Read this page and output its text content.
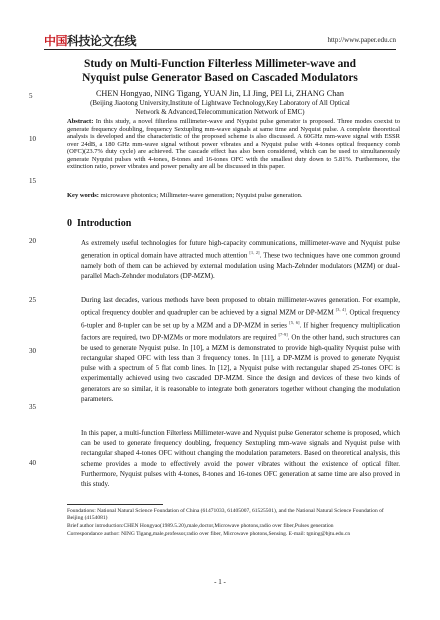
中国科技论文在线	http://www.paper.edu.cn
Study on Multi-Function Filterless Millimeter-wave and
Nyquist pulse Generator Based on Cascaded Modulators
CHEN Hongyao, NING Tigang, YUAN Jin, LI Jing, PEI Li, ZHANG Chan
(Beijing Jiaotong University,Institute of Lightwave Technology,Key Laboratory of All Optical
Network & Advanced,Telecommunication Network of EMC)
5
10
15
20
25
30
35
40
Abstract: In this study, a novel filterless millimeter-wave and Nyquist pulse generator is proposed. Three modes coexist to generate frequency doubling, frequency Sextupling mm-wave signals at same time and Nyquist pulse. A complete theoretical analysis is developed and the characteristic of the proposed scheme is also discussed. A 60GHz mm-wave signal with ESSR over 24dB, a 180 GHz mm-wave signal without power vibrates and a Nyquist pulse with 4-tones optical frequency comb (OFC)(23.7% duty cycle) are achieved. The cascade effect has also been considered, which can be used to simultaneously generate Nyquist pulses with 4-tones, 8-tones and 16-tones OFC with the smallest duty down to 5.81%. Furthermore, the extinction ratio, power vibrates and power penalty are all be discussed in this paper.
Key words: microwave photonics; Millimeter-wave generation; Nyquist pulse generation.
0 Introduction
As extremely useful technologies for future high-capacity communications, millimeter-wave and Nyquist pulse generation in optical domain have attracted much attention [1, 2]. These two techniques have one common ground namely both of them can be achieved by external modulation using Mach-Zehnder modulators (MZM) or dual-parallel Mach-Zehnder modulators (DP-MZM).
During last decades, various methods have been proposed to obtain millimeter-waves generation. For example, optical frequency doubler and quadrupler can be achieved by a signal MZM or DP-MZM [3, 4]. Optical frequency 6-tupler and 8-tupler can be set up by a MZM and a DP-MZM in series [5, 6]. If higher frequency multiplication factors are required, two DP-MZMs or more modulators are required [7-9]. On the other hand, such structures can be used to generate Nyquist pulse. In [10], a MZM is demonstrated to provide high-quality Nyquist pulse with rectangular shaped OFC with less than 3 frequency tones. In [11], a DP-MZM is proved to generate Nyquist pulse with a spectrum of 5 flat comb lines. In [12], a Nyquist pulse with rectangular shaped 25-tones OFC is experimentally achieved using two cascaded DP-MZM. Since the design and devices of these two kinds of generators are so similar, it is reasonable to integrate both generators together without changing the modulation parameters.
In this paper, a multi-function Filterless Millimeter-wave and Nyquist pulse Generator scheme is proposed, which can be used to generate frequency doubling, frequency Sextupling mm-wave signals and Nyquist pulse with rectangular shaped 4-tones OFC without changing the modulation parameters. Based on theoretical analysis, this scheme provides a mode to effectively avoid the power vibrates without the existence of optical filter. Furthermore, Nyquist pulses with 4-tones, 8-tones and 16-tones OFC generation at same time are also proved in this study.

Foundations: National Natural Science Foundation of China (61471033, 61405007, 61525501), and the National Natural Science Foundation of Beijing (4154081)

Brief author introduction:CHEN Hongyao(1989.5.20),male,doctor,Microwave photons,radio over fiber,Pulses generation

Correspondance author: NING Tigang,male,professor,radio over fiber, Microwave photons,Sensing. E-mail: tgning@bjtu.edu.cn

- 1 -
